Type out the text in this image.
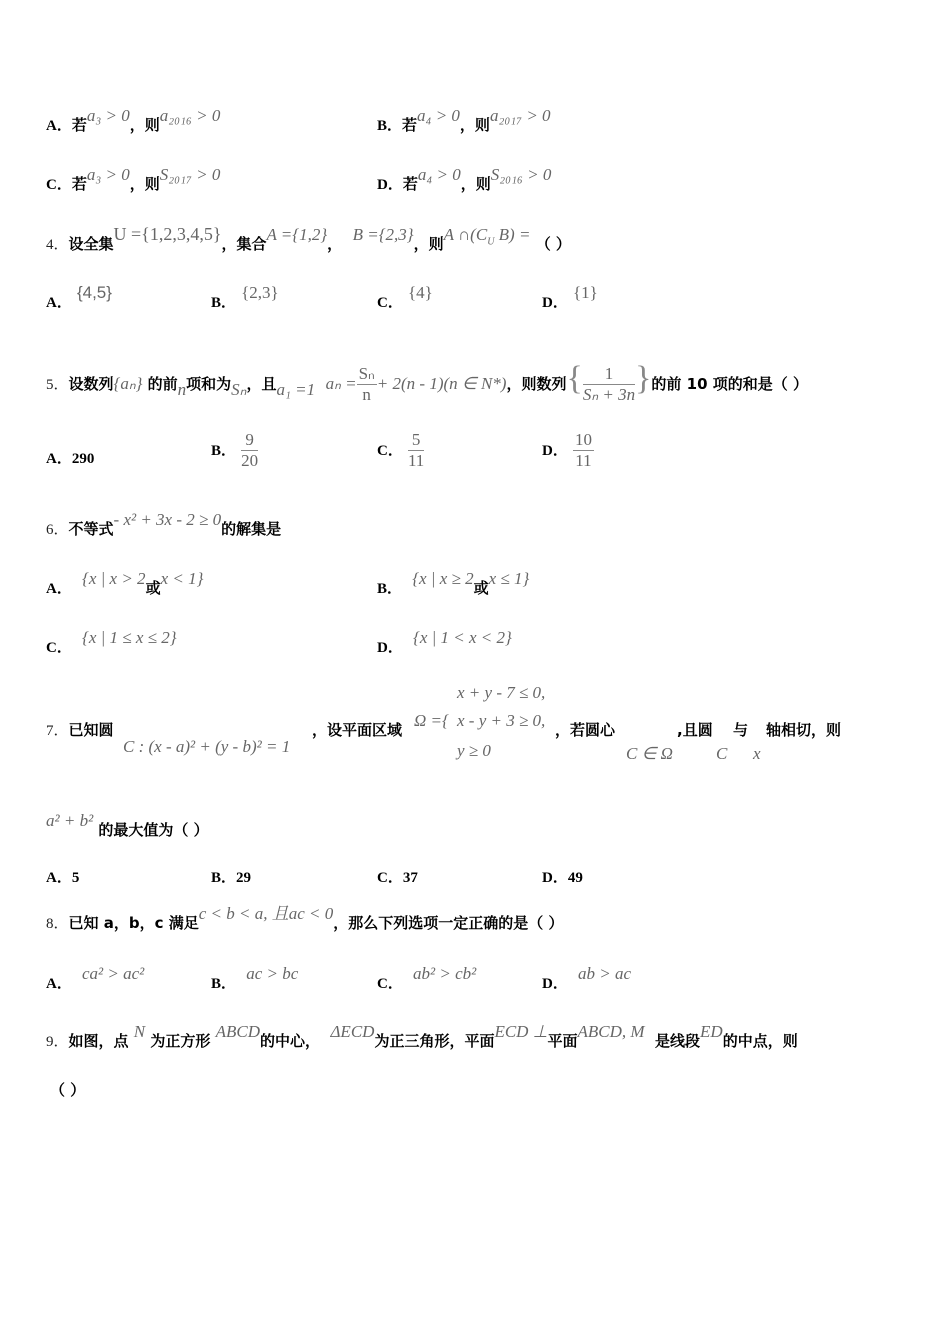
A．若a₃ > 0，则a₂₀₁₆ > 0
B．若a₄ > 0，则a₂₀₁₇ > 0
C．若a₃ > 0，则S₂₀₁₇ > 0
D．若a₄ > 0，则S₂₀₁₆ > 0
4．设全集U ={1,2,3,4,5}，集合A ={1,2}， B ={2,3}，则A $\cap(C_U$ B) = （ ）
A． {4,5}
B． {2,3}
C． {4}
D． {1}
5．设数列{aₙ} 的前n项和为Sₙ，且a₁ =1 $a_n = \frac{\text{Sₙ}}{n} + 2(n - 1)(n$ ∈ N*)，则数列{ $\frac{1}{\text{Sₙ + 3n}}$ }的前 10 项的和是（ ）
A．290	B． $\frac{9}{20}$	C． $\frac{5}{11}$	D． $\frac{10}{11}$
6．不等式- x² + 3x - 2 ≥ 0的解集是
A．  {x | x > 2或x < 1}
B．  {x | x ≥ 2或x ≤ 1}
C．  {x | 1 ≤ x ≤ 2}
D．  {x | 1 < x < 2}
7．已知圆
C : (x - a)² + (y - b)² = 1
，设平面区域 Ω ={
x + y - 7 ≤ 0,
x - y + 3 ≥ 0,
y ≥ 0
，若圆心
C ∈ Ω
,且圆
C
与
x
轴相切，则
a² + b² 的最大值为（ ）
A．5	B．29	C．37	D．49
8．已知 a，b，c 满足c < b < a, 且ac < 0，那么下列选项一定正确的是（ ）
A．  ca² > ac²
B．  ac > bc
C．  ab² > cb²
D．  ab > ac
9．如图，点 N 为正方形 ABCD的中心， ΔECD为正三角形，平面ECD ⊥平面ABCD, M 是线段ED的中点，则
（ ）
